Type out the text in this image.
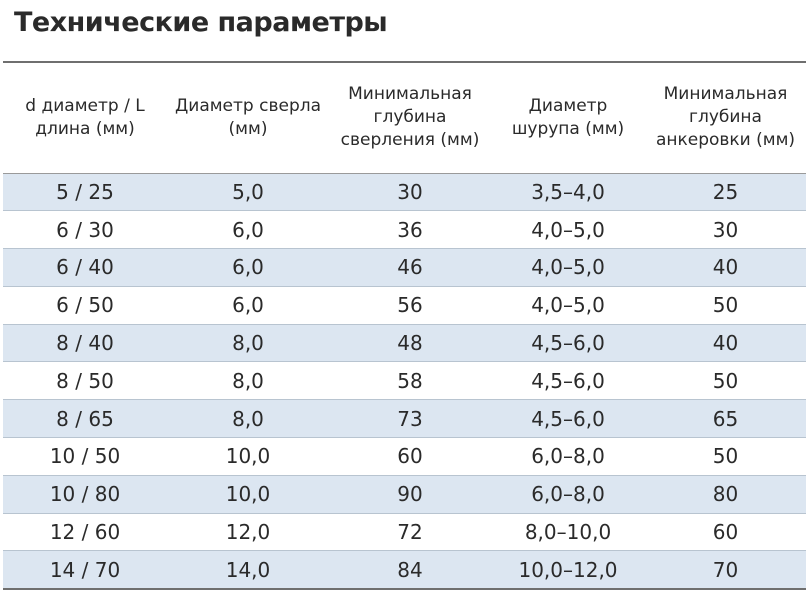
Технические параметры
d диаметр / L длина (мм)	Диаметр сверла (мм)	Минимальная глубина сверления (мм)	Диаметр шурупа (мм)	Минимальная глубина анкеровки (мм)
5 / 25	5,0	30	3,5–4,0	25
6 / 30	6,0	36	4,0–5,0	30
6 / 40	6,0	46	4,0–5,0	40
6 / 50	6,0	56	4,0–5,0	50
8 / 40	8,0	48	4,5–6,0	40
8 / 50	8,0	58	4,5–6,0	50
8 / 65	8,0	73	4,5–6,0	65
10 / 50	10,0	60	6,0–8,0	50
10 / 80	10,0	90	6,0–8,0	80
12 / 60	12,0	72	8,0–10,0	60
14 / 70	14,0	84	10,0–12,0	70
